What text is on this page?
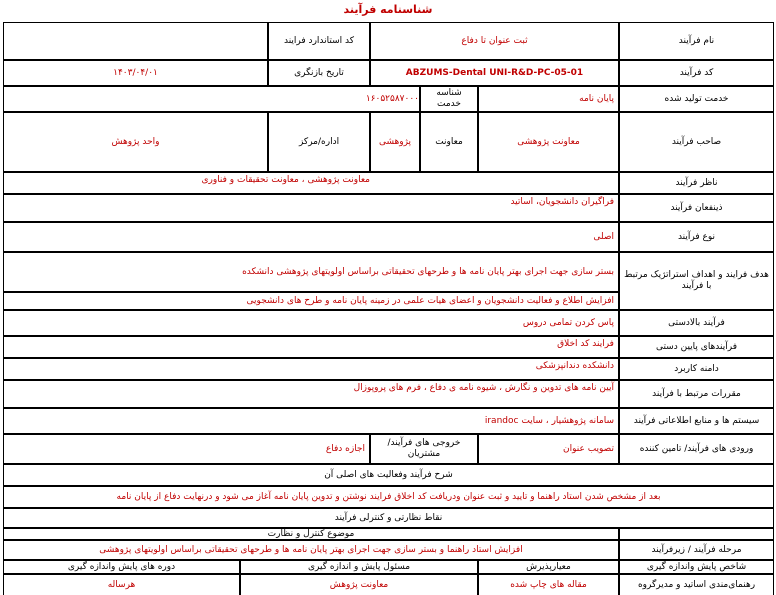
شناسنامه فرآیند
نام فرآیند
ثبت عنوان تا دفاع
کد استاندارد فرایند
کد فرآیند
ABZUMS-Dental UNI-R&D-PC-05-01
تاریخ بازنگری
۱۴۰۳/۰۴/۰۱
خدمت تولید شده
پایان نامه
شناسه خدمت
۱۶۰۵۲۵۸۷۰۰۰
صاحب فرآیند
معاونت پژوهشی
معاونت
پژوهشی
اداره/مرکز
واحد پژوهش
ناظر فرآیند
معاونت پژوهشی ، معاونت تحقیقات و فناوری
ذینفعان فرآیند
فراگیران دانشجویان، اساتید
نوع فرآیند
اصلی
هدف فرایند و اهداف استراتژیک مرتبط با فرآیند
بستر سازی جهت اجرای بهتر پایان نامه ها و طرحهای تحقیقاتی براساس اولویتهای پژوهشی دانشکده
افزایش اطلاع و فعالیت دانشجویان و اعضای هیات علمی در زمینه پایان نامه و طرح های دانشجویی
فرآیند بالادستی
پاس کردن تمامی دروس
فرآیندهای پایین دستی
فرایند کد اخلاق
دامنه کاربرد
دانشکده دندانپزشکی
مقررات مرتبط با فرآیند
آیین نامه های تدوین و نگارش ، شیوه نامه ی دفاع ، فرم های پروپوزال
سیستم ها و منابع اطلاعاتی فرآیند
سامانه پژوهشیار ، سایت irandoc
ورودی های فرآیند/ تامین کننده
تصویب عنوان
خروجی های فرآیند/ مشتریان
اجازه دفاع
شرح فرآیند وفعالیت های اصلی آن
بعد از مشخص شدن استاد راهنما و تایید و ثبت عنوان ودریافت کد اخلاق فرایند نوشتن و تدوین پایان نامه آغاز می شود و درنهایت دفاع از پایان نامه
نقاط نظارتی و کنترلی فرآیند
موضوع کنترل و نظارت
مرحله فرآیند / زیرفرآیند
افزایش استاد راهنما و بستر سازی جهت اجرای بهتر پایان نامه ها و طرحهای تحقیقاتی براساس اولویتهای پژوهشی
شاخص پایش واندازه گیری
معیارپذیرش
مسئول پایش و اندازه گیری
دوره های پایش واندازه گیری
رهنمای‌مندی اساتید و مدیرگروه
مقاله های چاپ شده
معاونت پژوهش
هرساله
